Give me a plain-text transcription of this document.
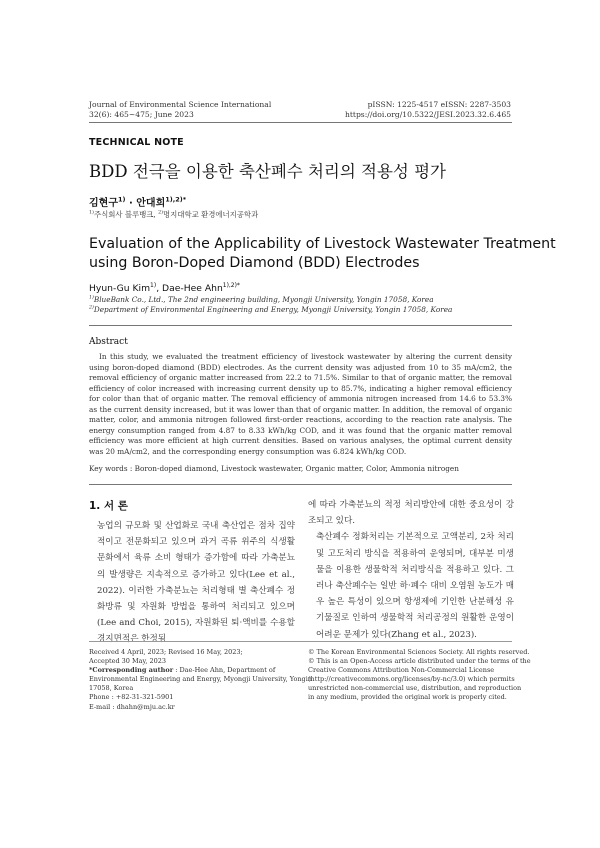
Journal of Environmental Science International
32(6): 465~475; June 2023
pISSN: 1225-4517 eISSN: 2287-3503
https://doi.org/10.5322/JESI.2023.32.6.465
TECHNICAL NOTE
BDD 전극을 이용한 축산폐수 처리의 적용성 평가
김현구$^{1)}$ · 안대희$^{1),2)*}$
$^{1)}$주식회사 블루뱅크, $^{2)}$명지대학교 환경에너지공학과
Evaluation of the Applicability of Livestock Wastewater Treatment
using Boron-Doped Diamond (BDD) Electrodes
Hyun-Gu Kim$^{1)}$, Dae-Hee Ahn$^{1),2)*}$
$^{1)}$BlueBank Co., Ltd., The 2nd engineering building, Myongji University, Yongin 17058, Korea
$^{2)}$Department of Environmental Engineering and Energy, Myongji University, Yongin 17058, Korea
Abstract
In this study, we evaluated the treatment efficiency of livestock wastewater by altering the current density using boron-doped diamond (BDD) electrodes. As the current density was adjusted from 10 to 35 mA/cm2, the removal efficiency of organic matter increased from 22.2 to 71.5%. Similar to that of organic matter, the removal efficiency of color increased with increasing current density up to 85.7%, indicating a higher removal efficiency for color than that of organic matter. The removal efficiency of ammonia nitrogen increased from 14.6 to 53.3% as the current density increased, but it was lower than that of organic matter. In addition, the removal of organic matter, color, and ammonia nitrogen followed first-order reactions, according to the reaction rate analysis. The energy consumption ranged from 4.87 to 8.33 kWh/kg COD, and it was found that the organic matter removal efficiency was more efficient at high current densities. Based on various analyses, the optimal current density was 20 mA/cm2, and the corresponding energy consumption was 6.824 kWh/kg COD.
Key words : Boron-doped diamond, Livestock wastewater, Organic matter, Color, Ammonia nitrogen
1. 서 론

농업의 규모화 및 산업화로 국내 축산업은 점차 집약적이고 전문화되고 있으며 과거 곡류 위주의 식생활 문화에서 육류 소비 형태가 증가함에 따라 가축분뇨의 발생량은 지속적으로 증가하고 있다(Lee et al., 2022). 이러한 가축분뇨는 처리형태 별 축산폐수 정화방류 및 자원화 방법을 통하여 처리되고 있으며(Lee and Choi, 2015), 자원화된 퇴·액비를 수용할 경지면적은 한정됨

에 따라 가축분뇨의 적정 처리방안에 대한 중요성이 강조되고 있다.

축산폐수 정화처리는 기본적으로 고액분리, 2차 처리 및 고도처리 방식을 적용하여 운영되며, 대부분 미생물을 이용한 생물학적 처리방식을 적용하고 있다. 그러나 축산폐수는 일반 하·폐수 대비 오염원 농도가 매우 높은 특성이 있으며 항생제에 기인한 난분해성 유기물질로 인하여 생물학적 처리공정의 원활한 운영이 어려운 문제가 있다(Zhang et al., 2023).

Received 4 April, 2023; Revised 16 May, 2023;
Accepted 30 May, 2023
*Corresponding author : Dae-Hee Ahn, Department of
Environmental Engineering and Energy, Myongji University, Yongin
17058, Korea
Phone : +82-31-321-5901
E-mail : dhahn@mju.ac.kr
© The Korean Environmental Sciences Society. All rights reserved.
© This is an Open-Access article distributed under the terms of the
Creative Commons Attribution Non-Commercial License
(http://creativecommons.org/licenses/by-nc/3.0) which permits
unrestricted non-commercial use, distribution, and reproduction
in any medium, provided the original work is properly cited.
